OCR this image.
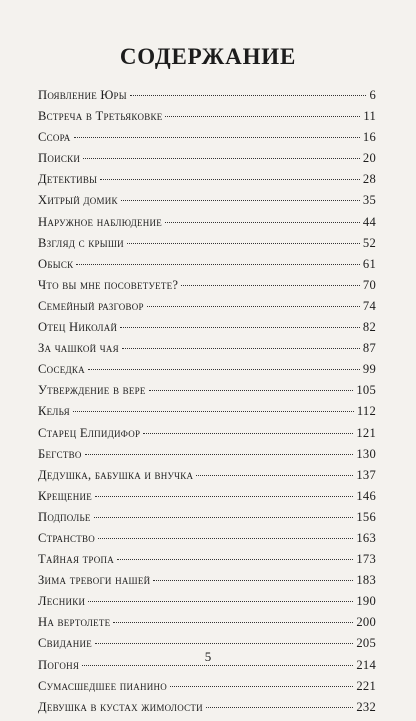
СОДЕРЖАНИЕ
Появление Юры	6
Встреча в Третьяковке	11
Ссора	16
Поиски	20
Детективы	28
Хитрый домик	35
Наружное наблюдение	44
Взгляд с крыши	52
Обыск	61
Что вы мне посоветуете?	70
Семейный разговор	74
Отец Николай	82
За чашкой чая	87
Соседка	99
Утверждение в вере	105
Келья	112
Старец Елпидифор	121
Бегство	130
Дедушка, бабушка и внучка	137
Крещение	146
Подполье	156
Странство	163
Тайная тропа	173
Зима тревоги нашей	183
Лесники	190
На вертолете	200
Свидание	205
Погоня	214
Сумасшедшее пианино	221
Девушка в кустах жимолости	232
5
